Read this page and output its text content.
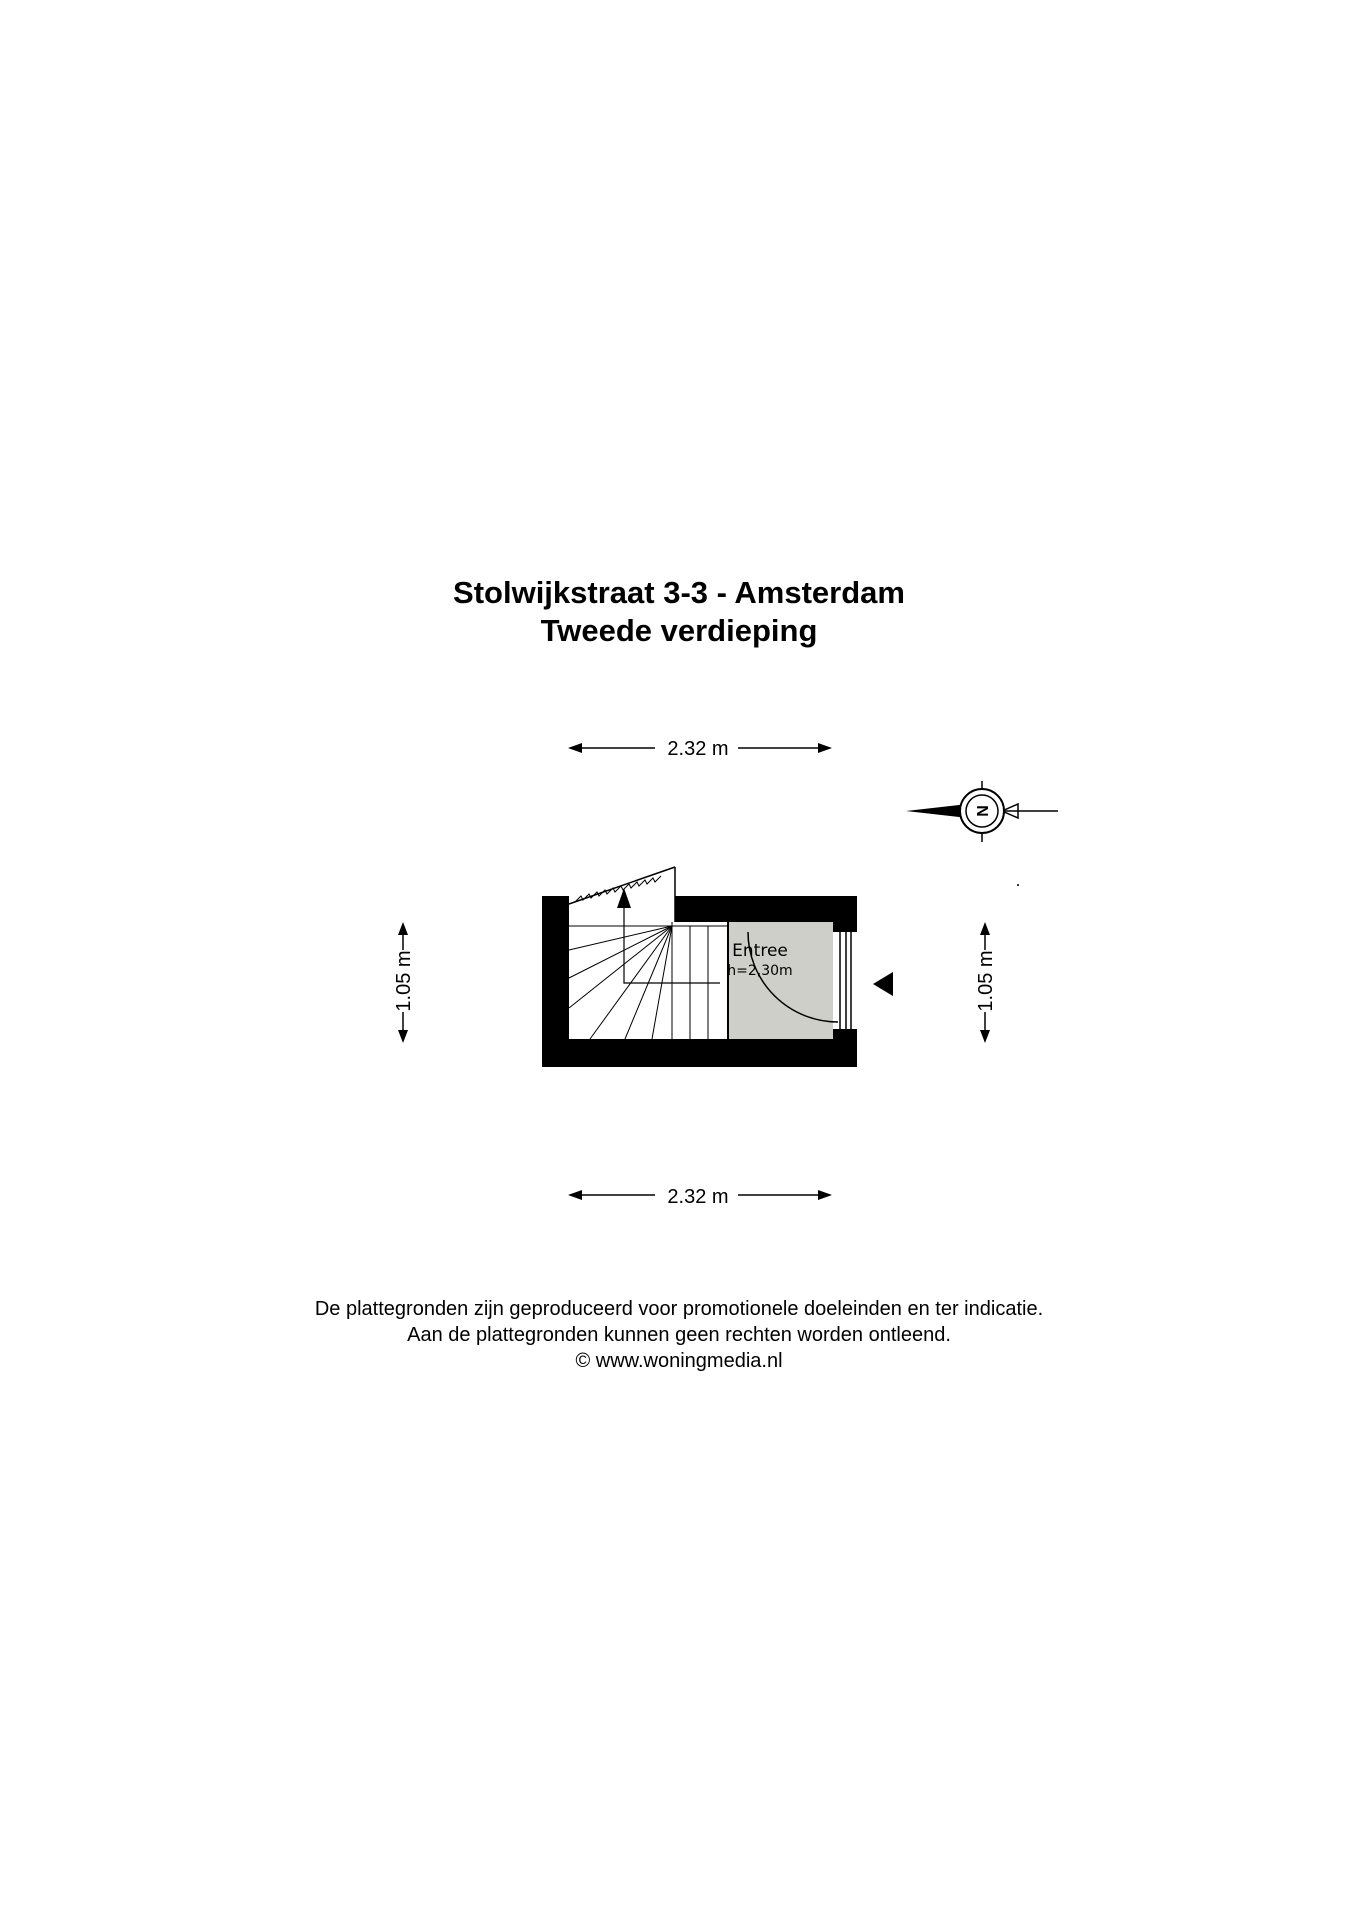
Stolwijkstraat 3-3 - Amsterdam
Tweede verdieping
2.32 m
2.32 m
1.05 m	1.05 m
N
Entree
h=2,30m
De plattegronden zijn geproduceerd voor promotionele doeleinden en ter indicatie.
Aan de plattegronden kunnen geen rechten worden ontleend.
© www.woningmedia.nl
